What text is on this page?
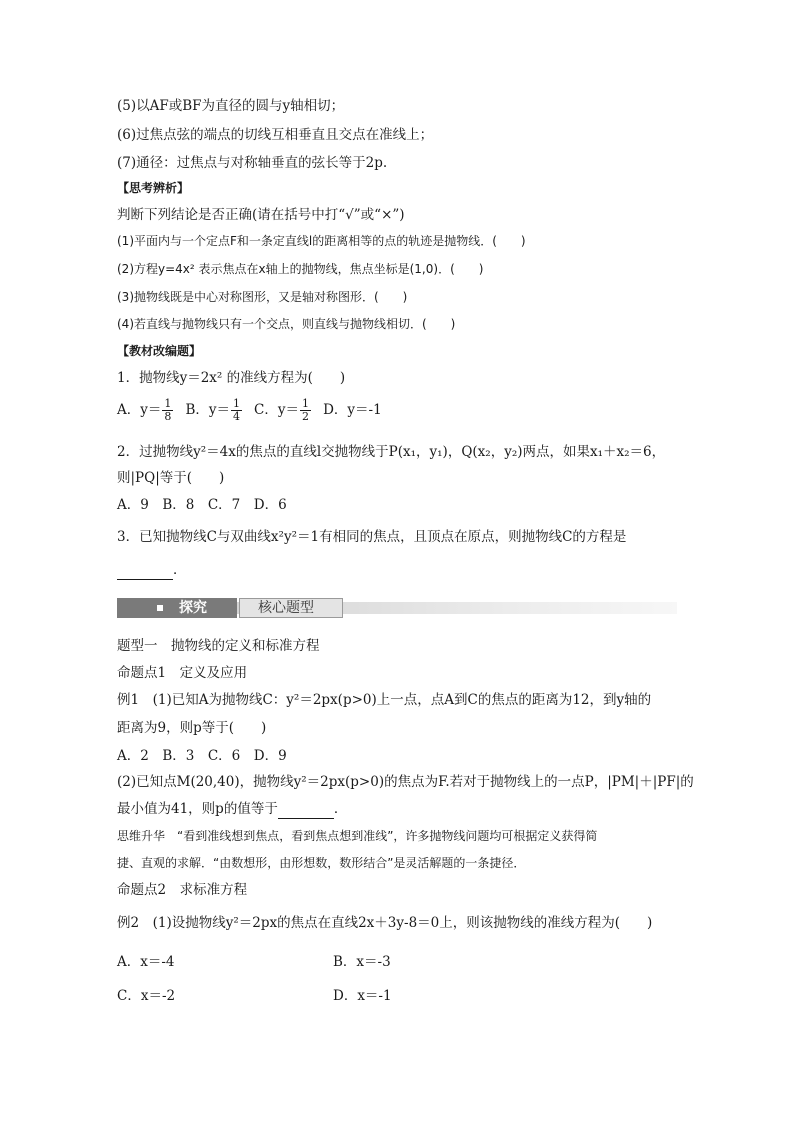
(5)以AF或BF为直径的圆与y轴相切；
(6)过焦点弦的端点的切线互相垂直且交点在准线上；
(7)通径：过焦点与对称轴垂直的弦长等于2p.
【思考辨析】
判断下列结论是否正确(请在括号中打“√”或“×”)
(1)平面内与一个定点F和一条定直线l的距离相等的点的轨迹是抛物线．(　　)
(2)方程y=4x² 表示焦点在x轴上的抛物线，焦点坐标是(1,0)．(　　)
(3)抛物线既是中心对称图形，又是轴对称图形．(　　)
(4)若直线与抛物线只有一个交点，则直线与抛物线相切．(　　)
【教材改编题】
1．抛物线y＝2x² 的准线方程为(　　)
A．$y= \frac{1}{8}$
  B．$y= \frac{1}{4}$
  C．$y= \frac{1}{2}$
  D．y＝-1
2．过抛物线y²＝4x的焦点的直线l交抛物线于P(x₁，y₁)，Q(x₂，y₂)两点，如果x₁＋x₂＝6，
则|PQ|等于(　　)
A．9　B．8　C．7　D．6
3．已知抛物线C与双曲线x²y²＝1有相同的焦点，且顶点在原点，则抛物线C的方程是
．
探究	核心题型
题型一　抛物线的定义和标准方程
命题点1　定义及应用
例1　(1)已知A为抛物线C：y²＝2px(p>0)上一点，点A到C的焦点的距离为12，到y轴的
距离为9，则p等于(　　)
A．2　B．3　C．6　D．9
(2)已知点M(20,40)，抛物线y²＝2px(p>0)的焦点为F.若对于抛物线上的一点P，|PM|＋|PF|的
最小值为41，则p的值等于	．
思维升华　“看到准线想到焦点，看到焦点想到准线”，许多抛物线问题均可根据定义获得简
捷、直观的求解．“由数想形，由形想数，数形结合”是灵活解题的一条捷径．
命题点2　求标准方程
例2　(1)设抛物线y²＝2px的焦点在直线2x＋3y-8＝0上，则该抛物线的准线方程为(　　)
A．x＝-4	B．x＝-3
C．x＝-2	D．x＝-1
